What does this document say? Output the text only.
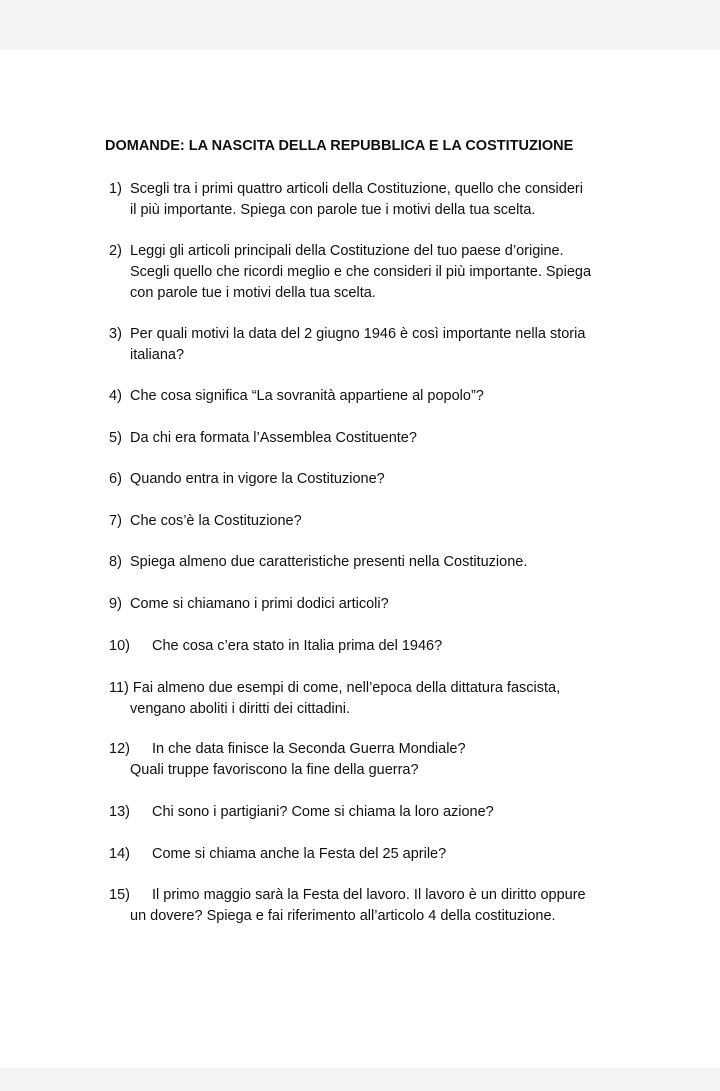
DOMANDE: LA NASCITA DELLA REPUBBLICA E LA COSTITUZIONE
1) Scegli tra i primi quattro articoli della Costituzione, quello che consideri
il più importante. Spiega con parole tue i motivi della tua scelta.
2) Leggi gli articoli principali della Costituzione del tuo paese d’origine.
Scegli quello che ricordi meglio e che consideri il più importante. Spiega
con parole tue i motivi della tua scelta.
3) Per quali motivi la data del 2 giugno 1946 è così importante nella storia
italiana?
4) Che cosa significa “La sovranità appartiene al popolo”?
5) Da chi era formata l’Assemblea Costituente?
6) Quando entra in vigore la Costituzione?
7) Che cos’è la Costituzione?
8) Spiega almeno due caratteristiche presenti nella Costituzione.
9) Come si chiamano i primi dodici articoli?
10) Che cosa c’era stato in Italia prima del 1946?
11) Fai almeno due esempi di come, nell’epoca della dittatura fascista,
vengano aboliti i diritti dei cittadini.
12) In che data finisce la Seconda Guerra Mondiale?
Quali truppe favoriscono la fine della guerra?
13) Chi sono i partigiani? Come si chiama la loro azione?
14) Come si chiama anche la Festa del 25 aprile?
15) Il primo maggio sarà la Festa del lavoro. Il lavoro è un diritto oppure
un dovere? Spiega e fai riferimento all’articolo 4 della costituzione.
